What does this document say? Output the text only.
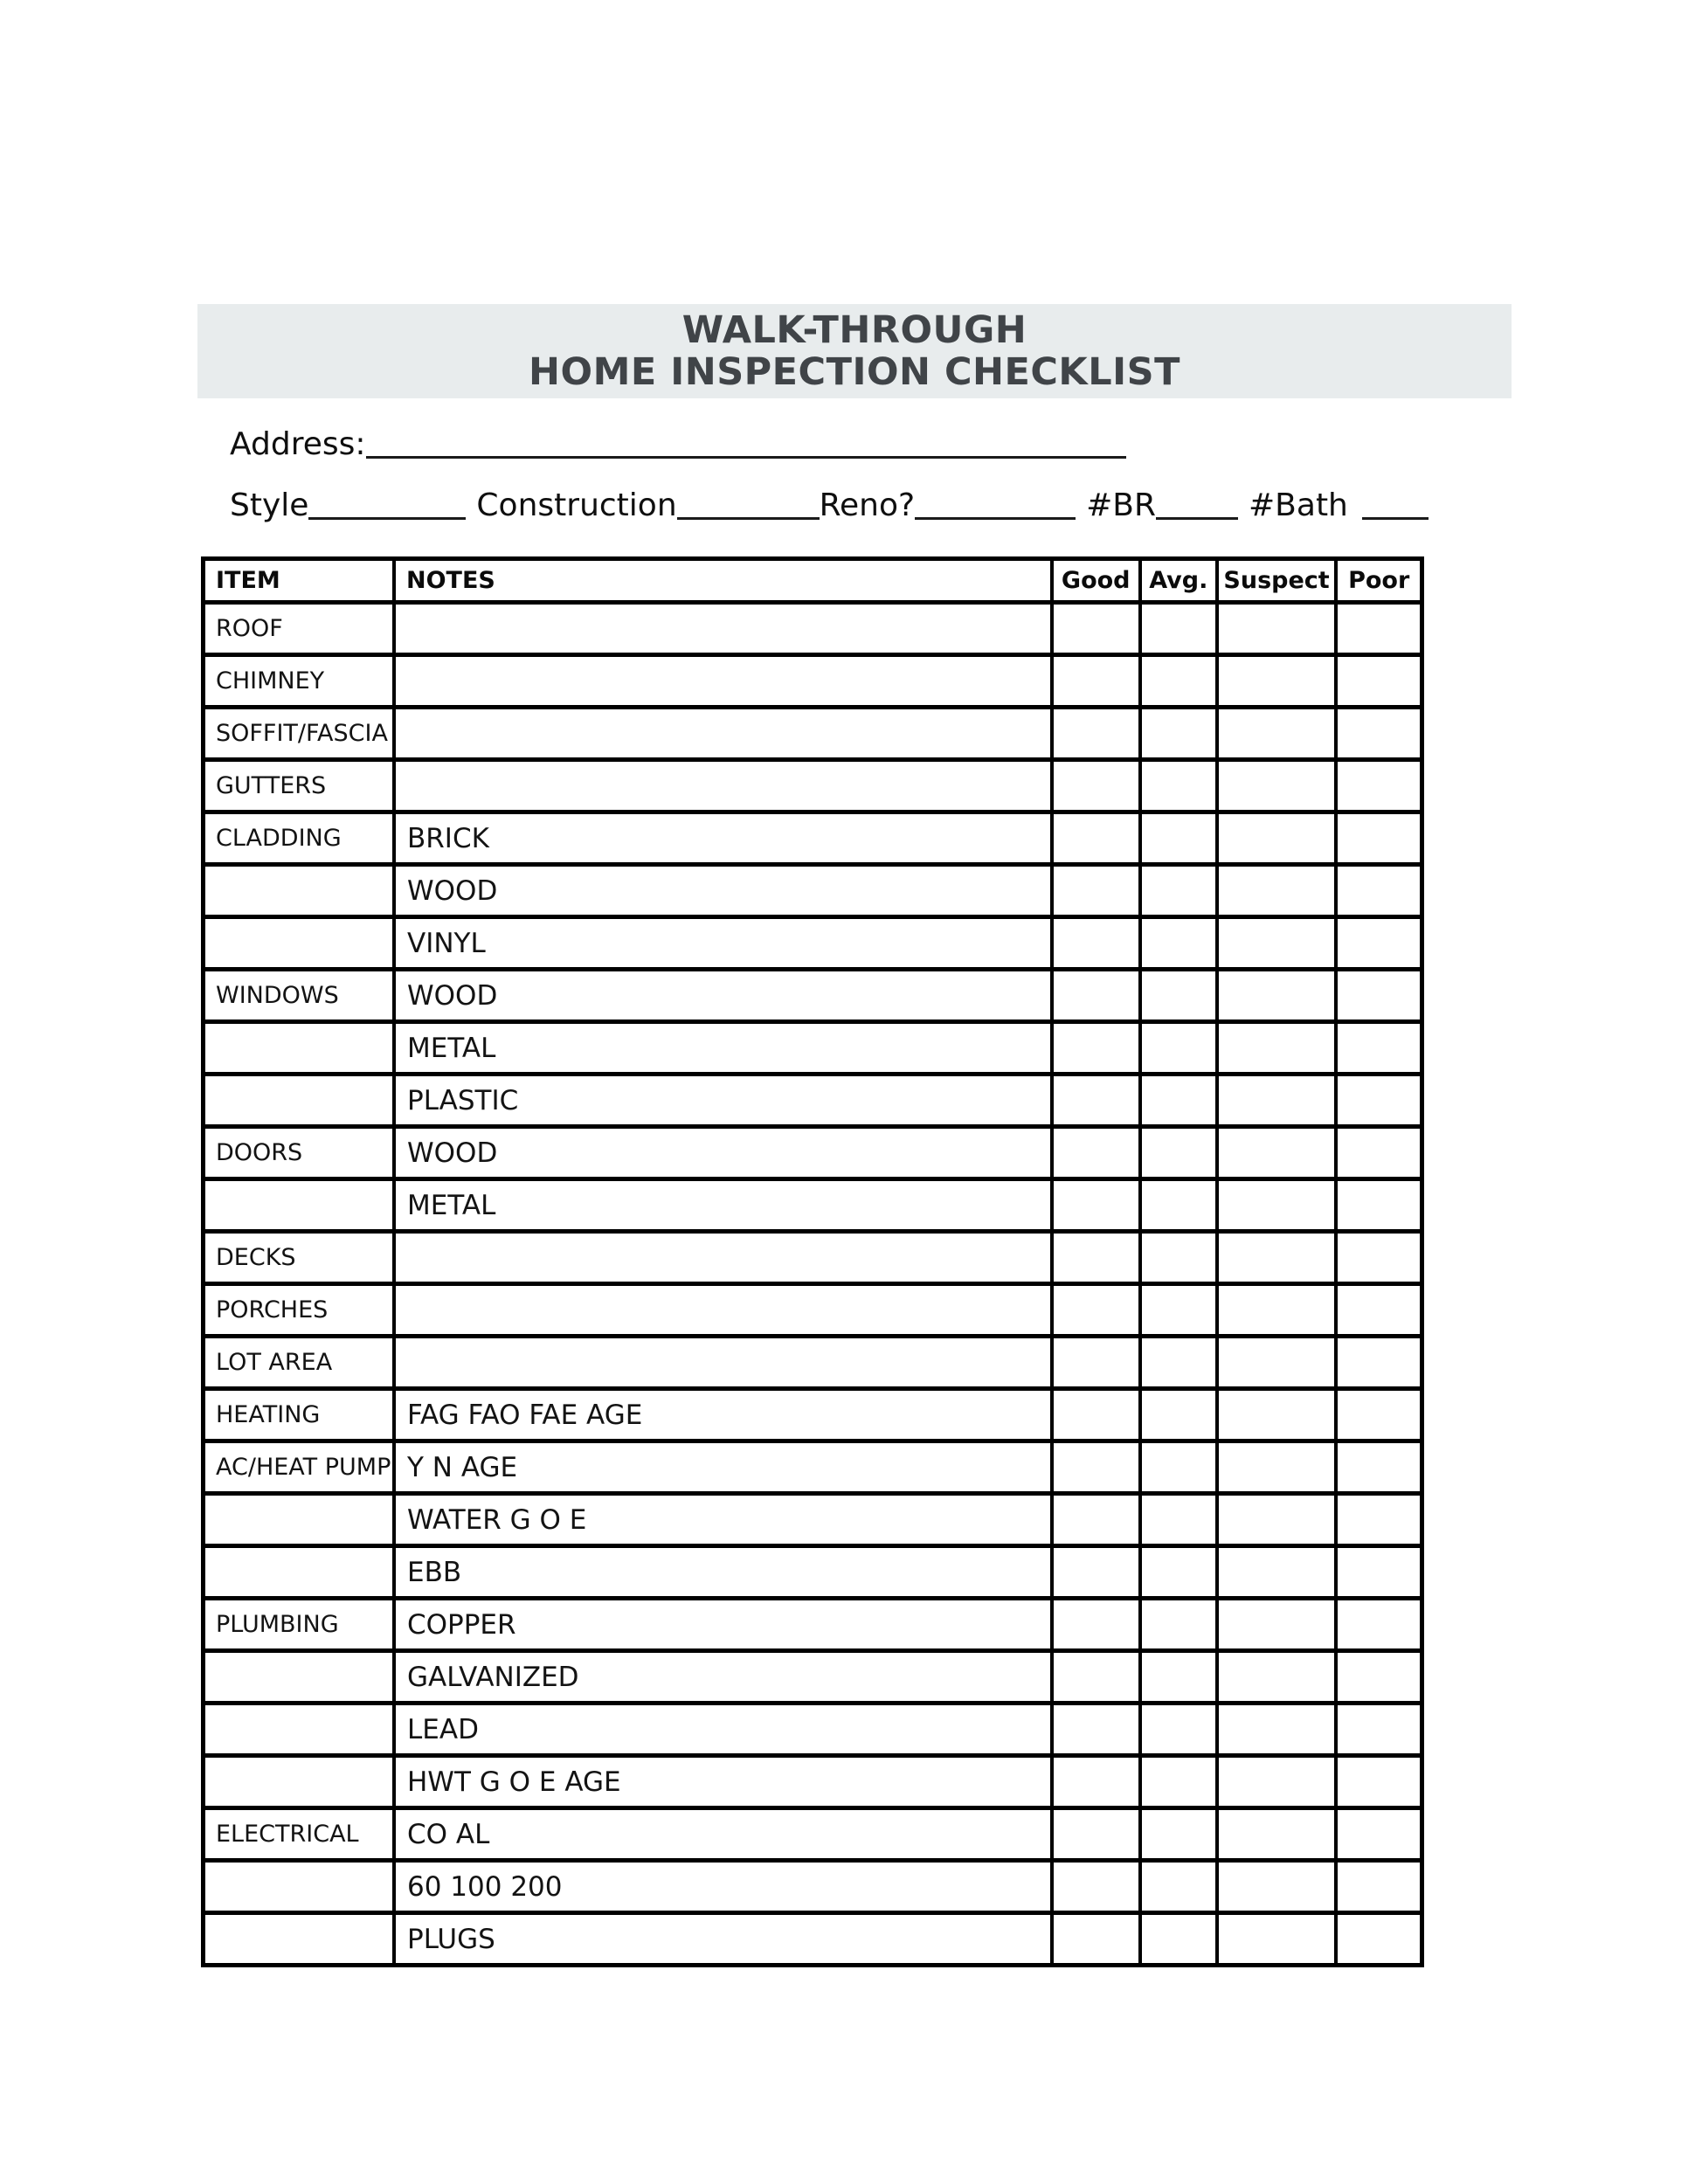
WALK-THROUGH
HOME INSPECTION CHECKLIST
Address:
Style	Construction	Reno?	#BR	#Bath
ITEM	NOTES	Good	Avg.	Suspect	Poor
ROOF					
CHIMNEY					
SOFFIT/FASCIA					
GUTTERS					
CLADDING	BRICK				
	WOOD				
	VINYL				
WINDOWS	WOOD				
	METAL				
	PLASTIC				
DOORS	WOOD				
	METAL				
DECKS					
PORCHES					
LOT AREA					
HEATING	FAG FAO FAE AGE				
AC/HEAT PUMP	Y N AGE				
	WATER G O E				
	EBB				
PLUMBING	COPPER				
	GALVANIZED				
	LEAD				
	HWT G O E AGE				
ELECTRICAL	CO AL				
	60 100 200				
	PLUGS				
